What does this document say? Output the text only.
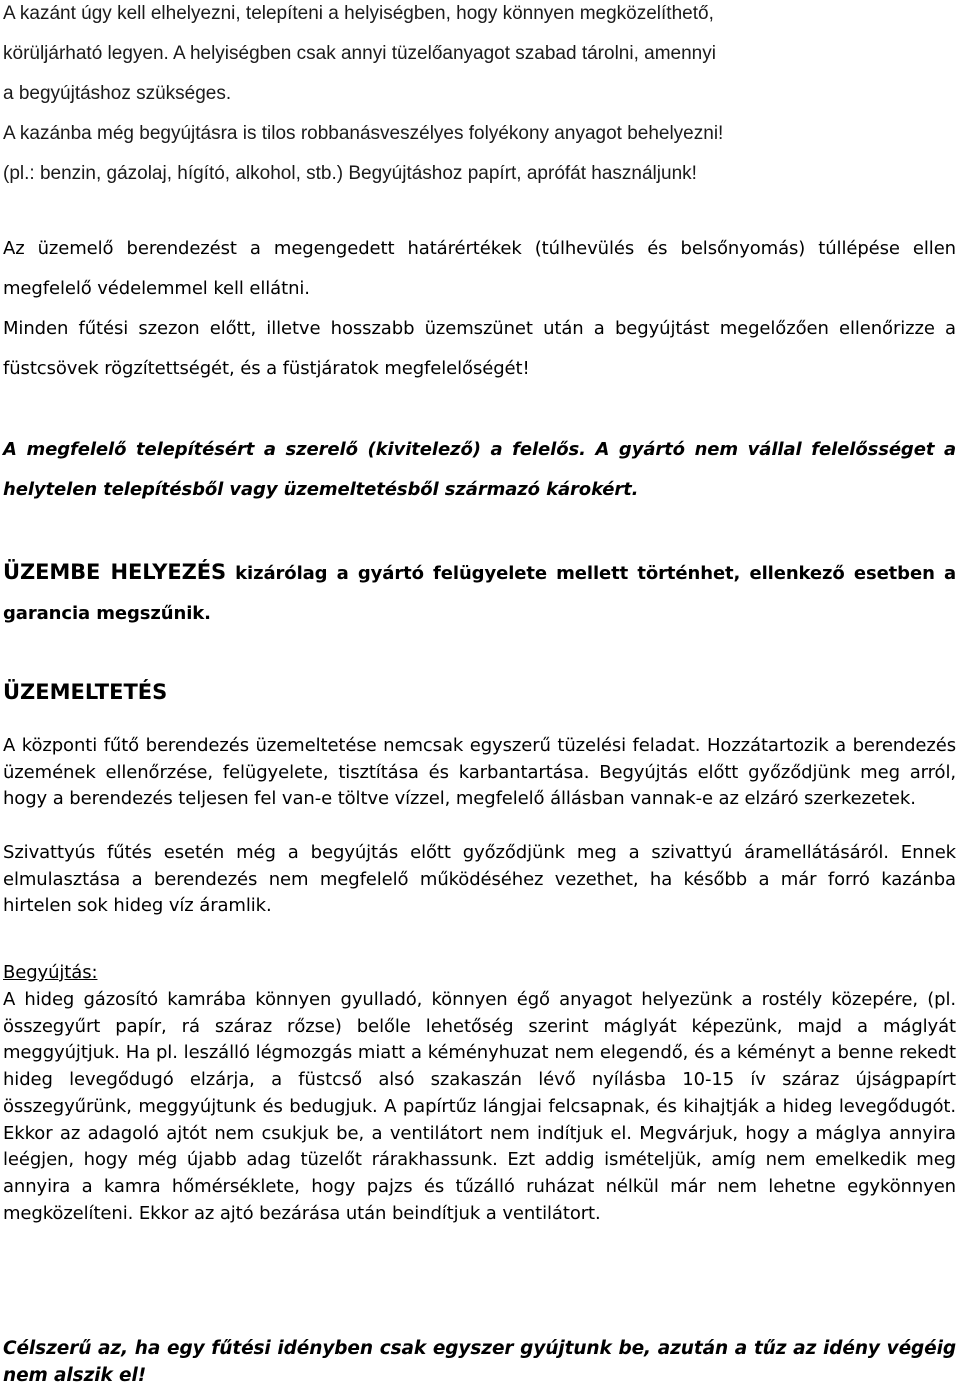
A kazánt úgy kell elhelyezni, telepíteni a helyiségben, hogy könnyen megközelíthető,
körüljárható legyen. A helyiségben csak annyi tüzelőanyagot szabad tárolni, amennyi
a begyújtáshoz szükséges.
A kazánba még begyújtásra is tilos robbanásveszélyes folyékony anyagot behelyezni!
(pl.: benzin, gázolaj, hígító, alkohol, stb.) Begyújtáshoz papírt, aprófát használjunk!

Az üzemelő berendezést a megengedett határértékek (túlhevülés és belsőnyomás) túllépése ellen megfelelő védelemmel kell ellátni.

Minden fűtési szezon előtt, illetve hosszabb üzemszünet után a begyújtást megelőzően ellenőrizze a füstcsövek rögzítettségét, és a füstjáratok megfelelőségét!

A megfelelő telepítésért a szerelő (kivitelező) a felelős. A gyártó nem vállal felelősséget a helytelen telepítésből vagy üzemeltetésből származó károkért.

ÜZEMBE HELYEZÉS kizárólag a gyártó felügyelete mellett történhet, ellenkező esetben a garancia megszűnik.

ÜZEMELTETÉS

A központi fűtő berendezés üzemeltetése nemcsak egyszerű tüzelési feladat. Hozzátartozik a berendezés üzemének ellenőrzése, felügyelete, tisztítása és karbantartása. Begyújtás előtt győződjünk meg arról, hogy a berendezés teljesen fel van-e töltve vízzel, megfelelő állásban vannak-e az elzáró szerkezetek.

Szivattyús fűtés esetén még a begyújtás előtt győződjünk meg a szivattyú áramellátásáról. Ennek elmulasztása a berendezés nem megfelelő működéséhez vezethet, ha később a már forró kazánba hirtelen sok hideg víz áramlik.

Begyújtás:

A hideg gázosító kamrába könnyen gyulladó, könnyen égő anyagot helyezünk a rostély közepére, (pl. összegyűrt papír, rá száraz rőzse) belőle lehetőség szerint máglyát képezünk, majd a máglyát meggyújtjuk. Ha pl. leszálló légmozgás miatt a kéményhuzat nem elegendő, és a kéményt a benne rekedt hideg levegődugó elzárja, a füstcső alsó szakaszán lévő nyílásba 10-15 ív száraz újságpapírt összegyűrünk, meggyújtunk és bedugjuk. A papírtűz lángjai felcsapnak, és kihajtják a hideg levegődugót. Ekkor az adagoló ajtót nem csukjuk be, a ventilátort nem indítjuk el. Megvárjuk, hogy a máglya annyira leégjen, hogy még újabb adag tüzelőt rárakhassunk. Ezt addig ismételjük, amíg nem emelkedik meg annyira a kamra hőmérséklete, hogy pajzs és tűzálló ruházat nélkül már nem lehetne egykönnyen megközelíteni. Ekkor az ajtó bezárása után beindítjuk a ventilátort.

Célszerű az, ha egy fűtési idényben csak egyszer gyújtunk be, azután a tűz az idény végéig nem alszik el!
